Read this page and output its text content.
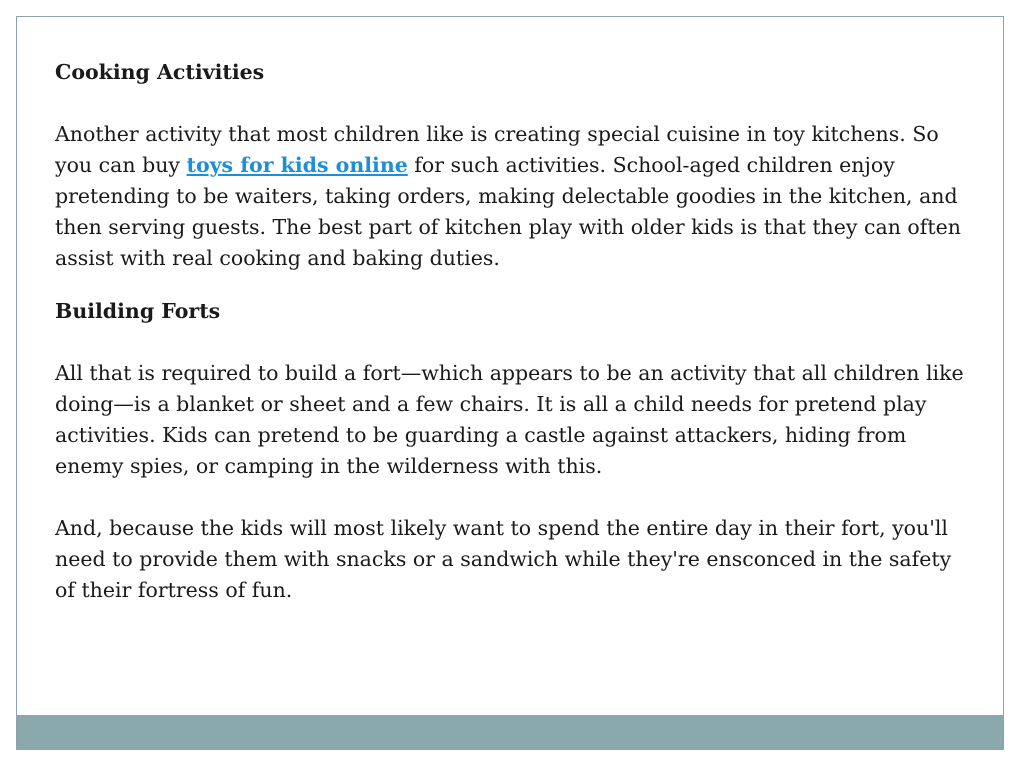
Cooking Activities

Another activity that most children like is creating special cuisine in toy kitchens. So you can buy toys for kids online for such activities. School-aged children enjoy pretending to be waiters, taking orders, making delectable goodies in the kitchen, and then serving guests. The best part of kitchen play with older kids is that they can often assist with real cooking and baking duties.

Building Forts

All that is required to build a fort—which appears to be an activity that all children like doing—is a blanket or sheet and a few chairs. It is all a child needs for pretend play activities. Kids can pretend to be guarding a castle against attackers, hiding from enemy spies, or camping in the wilderness with this.

And, because the kids will most likely want to spend the entire day in their fort, you'll need to provide them with snacks or a sandwich while they're ensconced in the safety of their fortress of fun.
